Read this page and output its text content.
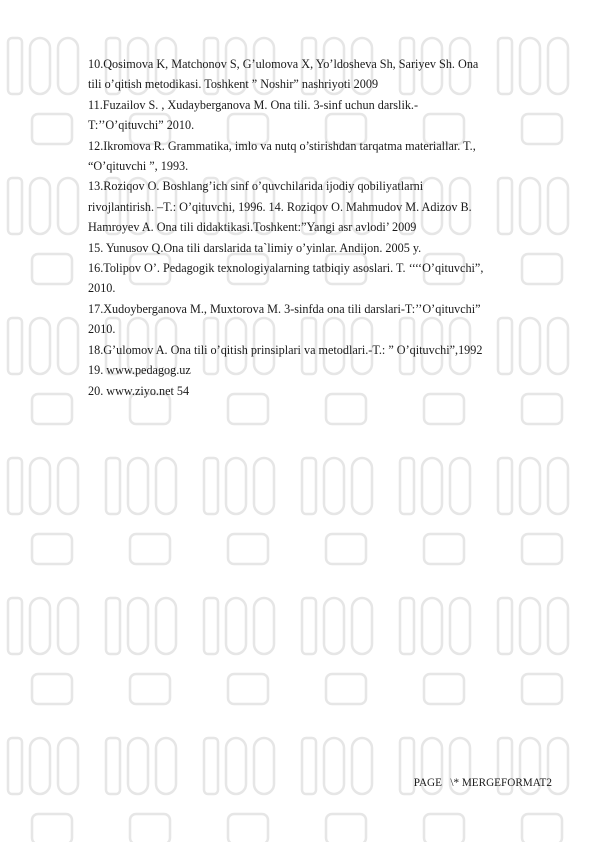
10.Qosimova K, Matchonov S, G’ulomova X, Yo’ldosheva Sh, Sariyev Sh. Ona
tili o’qitish metodikasi. Toshkent ” Noshir” nashriyoti 2009
11.Fuzailov S. , Xudayberganova M. Ona tili. 3-sinf uchun darslik.-
T:’’O’qituvchi” 2010.
12.Ikromova R. Grammatika, imlo va nutq o’stirishdan tarqatma materiallar. T.,
“O’qituvchi ”, 1993.
13.Roziqov O. Boshlang’ich sinf o’quvchilarida ijodiy qobiliyatlarni
rivojlantirish. –T.: O’qituvchi, 1996. 14. Roziqov O. Mahmudov M. Adizov B.
Hamroyev A. Ona tili didaktikasi.Toshkent:”Yangi asr avlodi’ 2009
15. Yunusov Q.Ona tili darslarida ta`limiy o’yinlar. Andijon. 2005 y.
16.Tolipov O’. Pedagogik texnologiyalarning tatbiqiy asoslari. T. ‘‘‘‘O’qituvchi”,
2010.
17.Xudoyberganova M., Muxtorova M. 3-sinfda ona tili darslari-T:’’O’qituvchi”
2010.
18.G’ulomov A. Ona tili o’qitish prinsiplari va metodlari.-T.: ” O’qituvchi”,1992
19. www.pedagog.uz
20. www.ziyo.net 54
PAGE   \* MERGEFORMAT2
